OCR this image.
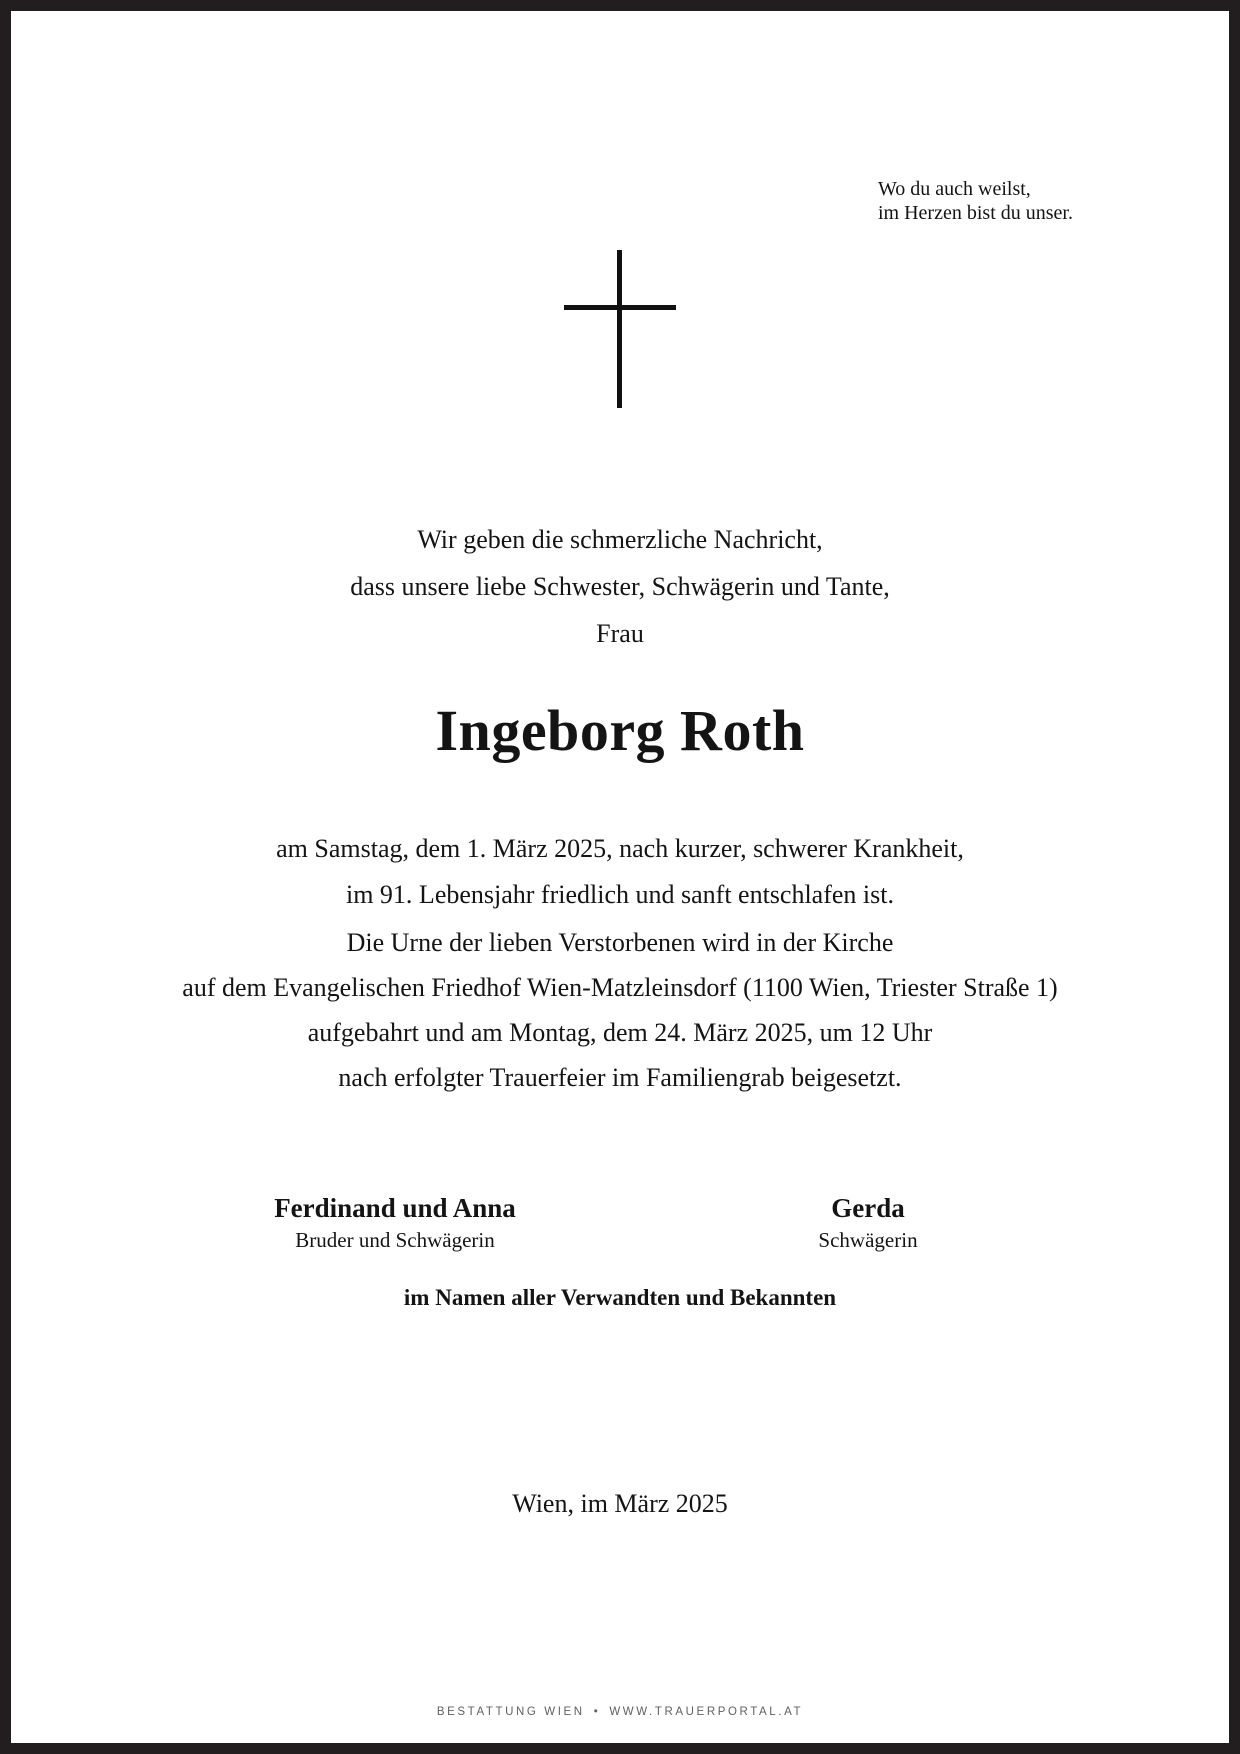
Wo du auch weilst,
im Herzen bist du unser.
Wir geben die schmerzliche Nachricht,
dass unsere liebe Schwester, Schwägerin und Tante,
Frau
Ingeborg Roth
am Samstag, dem 1. März 2025, nach kurzer, schwerer Krankheit,
im 91. Lebensjahr friedlich und sanft entschlafen ist.
Die Urne der lieben Verstorbenen wird in der Kirche
auf dem Evangelischen Friedhof Wien-Matzleinsdorf (1100 Wien, Triester Straße 1)
aufgebahrt und am Montag, dem 24. März 2025, um 12 Uhr
nach erfolgter Trauerfeier im Familiengrab beigesetzt.
Ferdinand und Anna
Bruder und Schwägerin
Gerda
Schwägerin
im Namen aller Verwandten und Bekannten
Wien, im März 2025
BESTATTUNG WIEN • WWW.TRAUERPORTAL.AT
